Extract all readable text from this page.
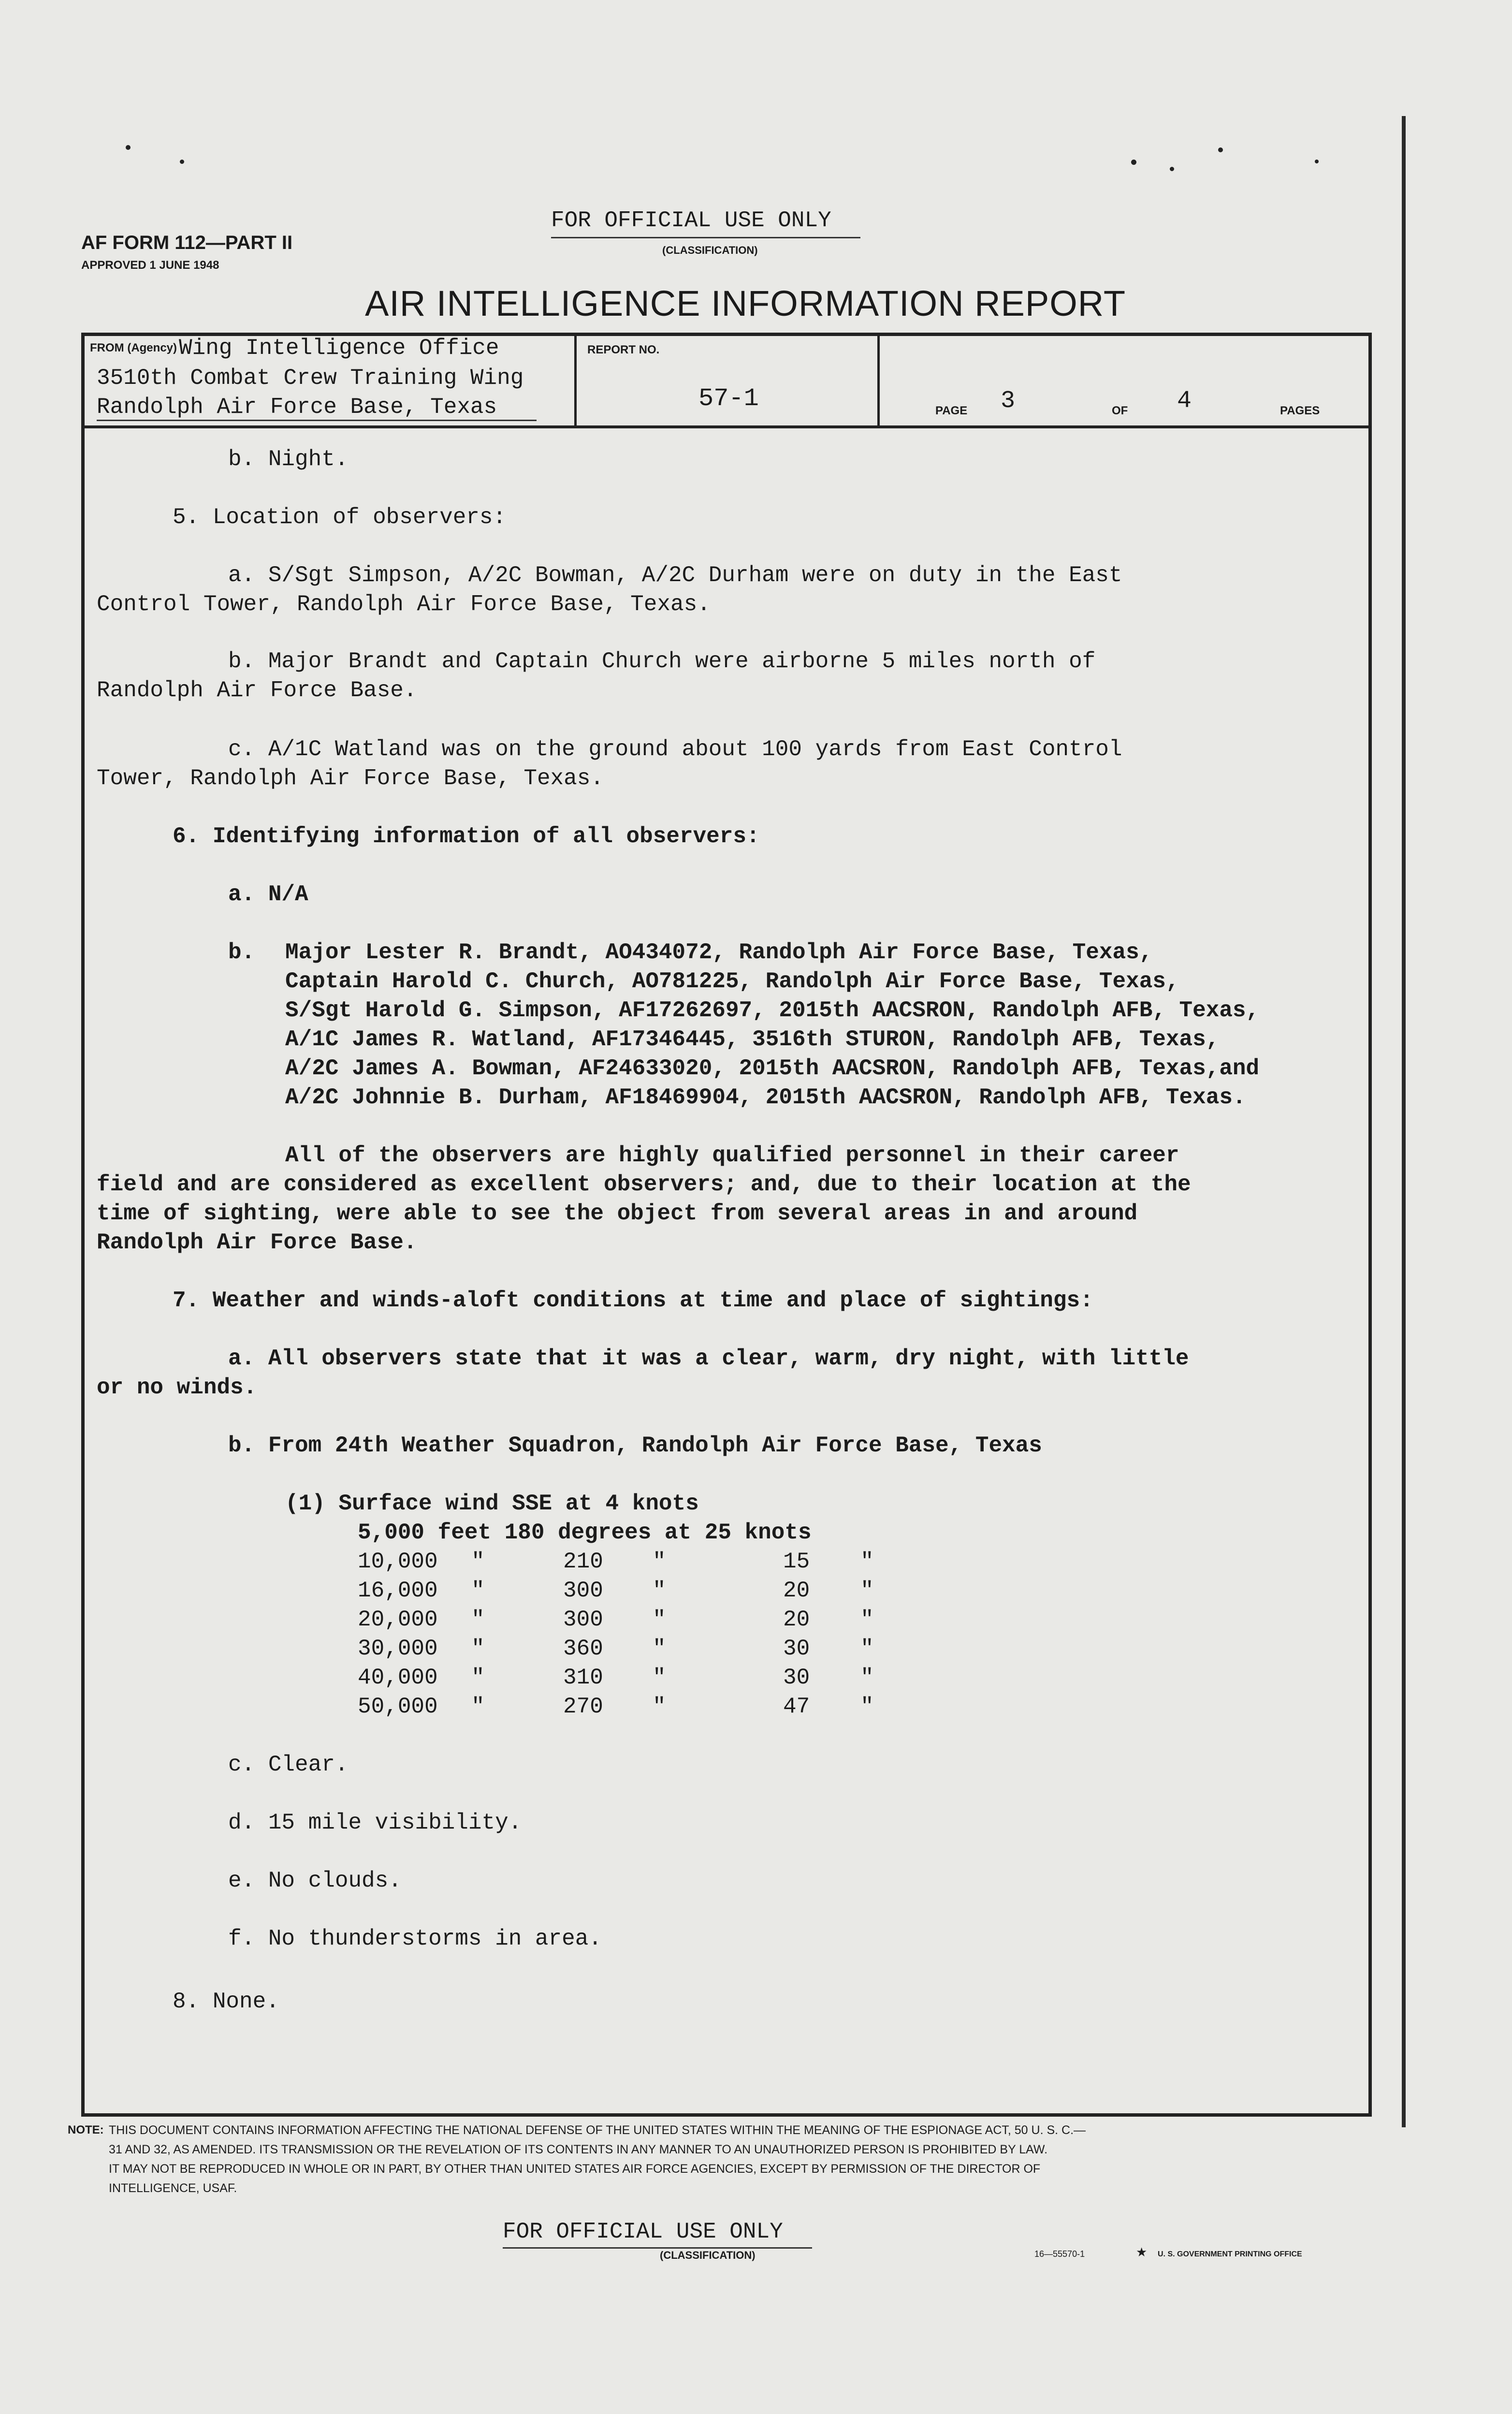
FOR OFFICIAL USE ONLY
(CLASSIFICATION)
AF FORM 112—PART II
APPROVED 1 JUNE 1948
AIR INTELLIGENCE INFORMATION REPORT
FROM (Agency) Wing Intelligence Office
3510th Combat Crew Training Wing
Randolph Air Force Base, Texas
REPORT NO.
57-1	PAGE 3	OF 4	PAGES
b. Night.
5. Location of observers:
a. S/Sgt Simpson, A/2C Bowman, A/2C Durham were on duty in the East
Control Tower, Randolph Air Force Base, Texas.
b. Major Brandt and Captain Church were airborne 5 miles north of
Randolph Air Force Base.
c. A/1C Watland was on the ground about 100 yards from East Control
Tower, Randolph Air Force Base, Texas.
6. Identifying information of all observers:
a. N/A
b. Major Lester R. Brandt, AO434072, Randolph Air Force Base, Texas,
Captain Harold C. Church, AO781225, Randolph Air Force Base, Texas,
S/Sgt Harold G. Simpson, AF17262697, 2015th AACSRON, Randolph AFB, Texas,
A/1C James R. Watland, AF17346445, 3516th STURON, Randolph AFB, Texas,
A/2C James A. Bowman, AF24633020, 2015th AACSRON, Randolph AFB, Texas,and
A/2C Johnnie B. Durham, AF18469904, 2015th AACSRON, Randolph AFB, Texas.
All of the observers are highly qualified personnel in their career
field and are considered as excellent observers; and, due to their location at the
time of sighting, were able to see the object from several areas in and around
Randolph Air Force Base.
7. Weather and winds-aloft conditions at time and place of sightings:
a. All observers state that it was a clear, warm, dry night, with little
or no winds.
b. From 24th Weather Squadron, Randolph Air Force Base, Texas
(1) Surface wind SSE at 4 knots
5,000 feet 180 degrees at 25 knots
10,000 "	210 "	15 "
16,000 "	300 "	20 "
20,000 "	300 "	20 "
30,000 "	360 "	30 "
40,000 "	310 "	30 "
50,000 "	270 "	47 "
c. Clear.
d. 15 mile visibility.
e. No clouds.
f. No thunderstorms in area.
8. None.
NOTE: THIS DOCUMENT CONTAINS INFORMATION AFFECTING THE NATIONAL DEFENSE OF THE UNITED STATES WITHIN THE MEANING OF THE ESPIONAGE ACT, 50 U. S. C.—
31 AND 32, AS AMENDED. ITS TRANSMISSION OR THE REVELATION OF ITS CONTENTS IN ANY MANNER TO AN UNAUTHORIZED PERSON IS PROHIBITED BY LAW.
IT MAY NOT BE REPRODUCED IN WHOLE OR IN PART, BY OTHER THAN UNITED STATES AIR FORCE AGENCIES, EXCEPT BY PERMISSION OF THE DIRECTOR OF
INTELLIGENCE, USAF.
FOR OFFICIAL USE ONLY
(CLASSIFICATION)	16—55570-1	★ U. S. GOVERNMENT PRINTING OFFICE
